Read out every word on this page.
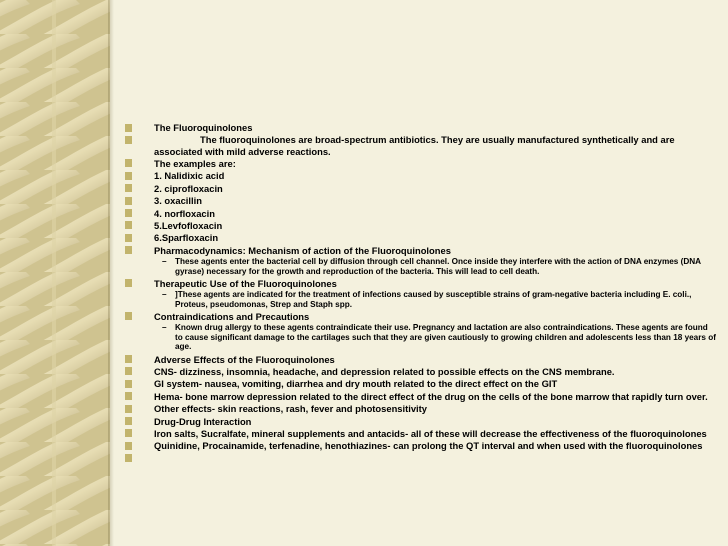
The Fluoroquinolones
The fluoroquinolones are broad-spectrum antibiotics. They are usually manufactured synthetically and are associated with mild adverse reactions.
The examples are:
1. Nalidixic acid
2. ciprofloxacin
3. oxacillin
4. norfloxacin
5.Levfofloxacin
6.Sparfloxacin
Pharmacodynamics: Mechanism of action of the Fluoroquinolones
– These agents enter the bacterial cell by diffusion through cell channel. Once inside they interfere with the action of DNA enzymes (DNA gyrase) necessary for the growth and reproduction of the bacteria. This will lead to cell death.
Therapeutic Use of the Fluoroquinolones
– ]These agents are indicated for the treatment of infections caused by susceptible strains of gram-negative bacteria including E. coli., Proteus, pseudomonas, Strep and Staph spp.
Contraindications and Precautions
– Known drug allergy to these agents contraindicate their use. Pregnancy and lactation are also contraindications. These agents are found to cause significant damage to the cartilages such that they are given cautiously to growing children and adolescents less than 18 years of age.
Adverse Effects of the Fluoroquinolones
CNS- dizziness, insomnia, headache, and depression related to possible effects on the CNS membrane.
GI system- nausea, vomiting, diarrhea and dry mouth related to the direct effect on the GIT
Hema- bone marrow depression related to the direct effect of the drug on the cells of the bone marrow that rapidly turn over.
Other effects- skin reactions, rash, fever and photosensitivity
Drug-Drug Interaction
Iron salts, Sucralfate, mineral supplements and antacids- all of these will decrease the effectiveness of the fluoroquinolones
Quinidine, Procainamide, terfenadine, henothiazines- can prolong the QT interval and when used with the fluoroquinolones
